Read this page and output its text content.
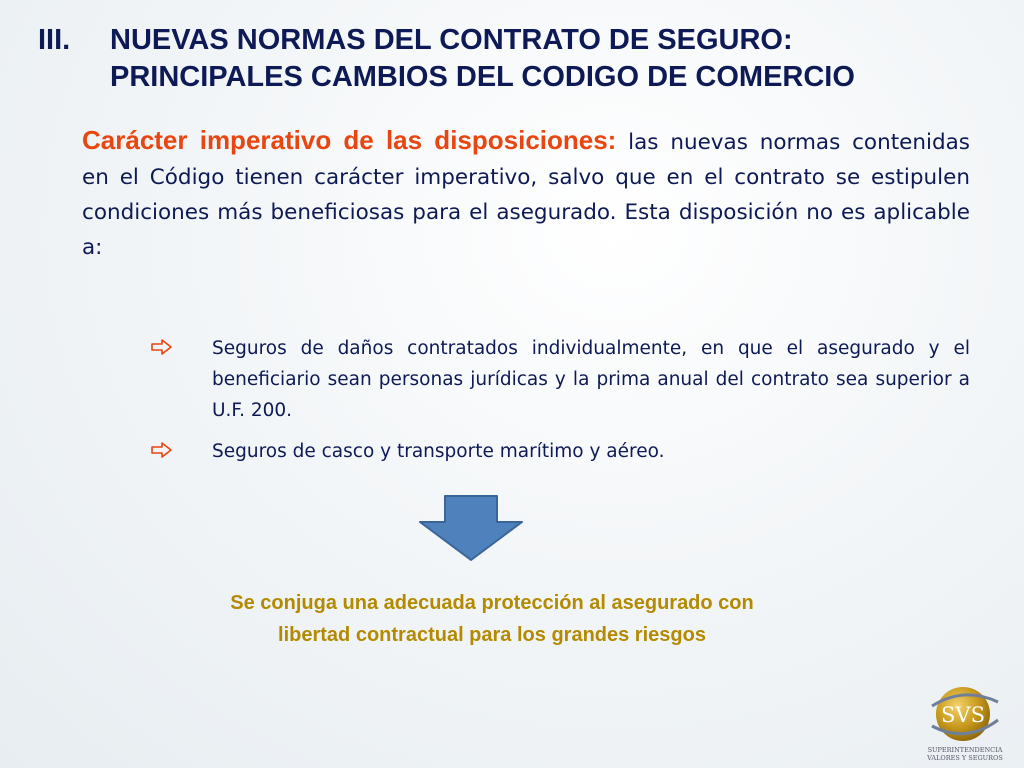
III. NUEVAS NORMAS DEL CONTRATO DE SEGURO:
PRINCIPALES CAMBIOS DEL CODIGO DE COMERCIO
Carácter imperativo de las disposiciones: las nuevas normas contenidas en el Código tienen carácter imperativo, salvo que en el contrato se estipulen condiciones más beneficiosas para el asegurado. Esta disposición no es aplicable a:
Seguros de daños contratados individualmente, en que el asegurado y el beneficiario sean personas jurídicas y la prima anual del contrato sea superior a U.F. 200.
Seguros de casco y transporte marítimo y aéreo.
Se conjuga una adecuada protección al asegurado con
libertad contractual para los grandes riesgos
SVS
SUPERINTENDENCIA
VALORES Y SEGUROS
